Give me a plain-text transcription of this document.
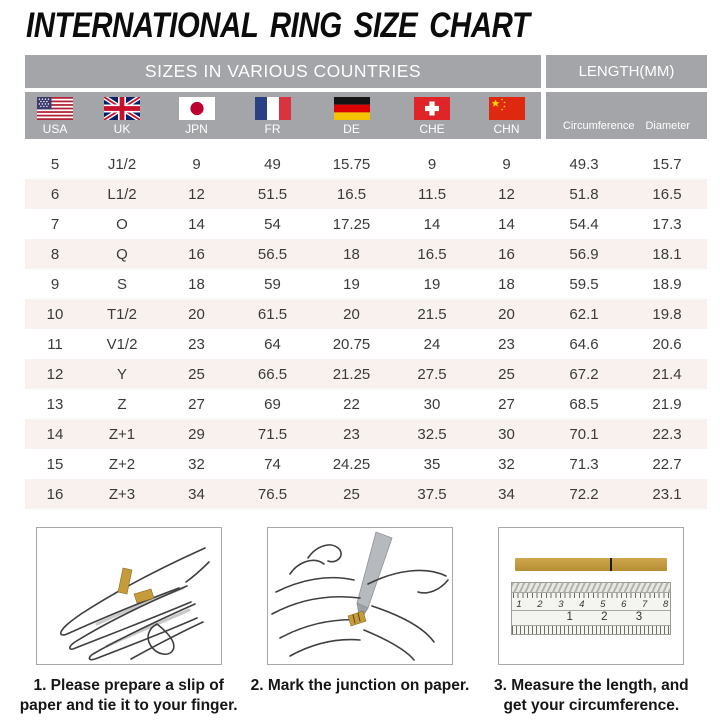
INTERNATIONAL RING SIZE CHART
SIZES IN VARIOUS COUNTRIES	LENGTH(MM)
USA	UK	JPN	FR	DE	CHE	CHN	Circumference Diameter
5	J1/2	9	49	15.75	9	9	49.3	15.7
6	L1/2	12	51.5	16.5	11.5	12	51.8	16.5
7	O	14	54	17.25	14	14	54.4	17.3
8	Q	16	56.5	18	16.5	16	56.9	18.1
9	S	18	59	19	19	18	59.5	18.9
10	T1/2	20	61.5	20	21.5	20	62.1	19.8
11	V1/2	23	64	20.75	24	23	64.6	20.6
12	Y	25	66.5	21.25	27.5	25	67.2	21.4
13	Z	27	69	22	30	27	68.5	21.9
14	Z+1	29	71.5	23	32.5	30	70.1	22.3
15	Z+2	32	74	24.25	35	32	71.3	22.7
16	Z+3	34	76.5	25	37.5	34	72.2	23.1
1. Please prepare a slip of paper and tie it to your finger.
2. Mark the junction on paper.
1 2 3 4 5 6 7 8
1 2 3
3. Measure the length, and get your circumference.
